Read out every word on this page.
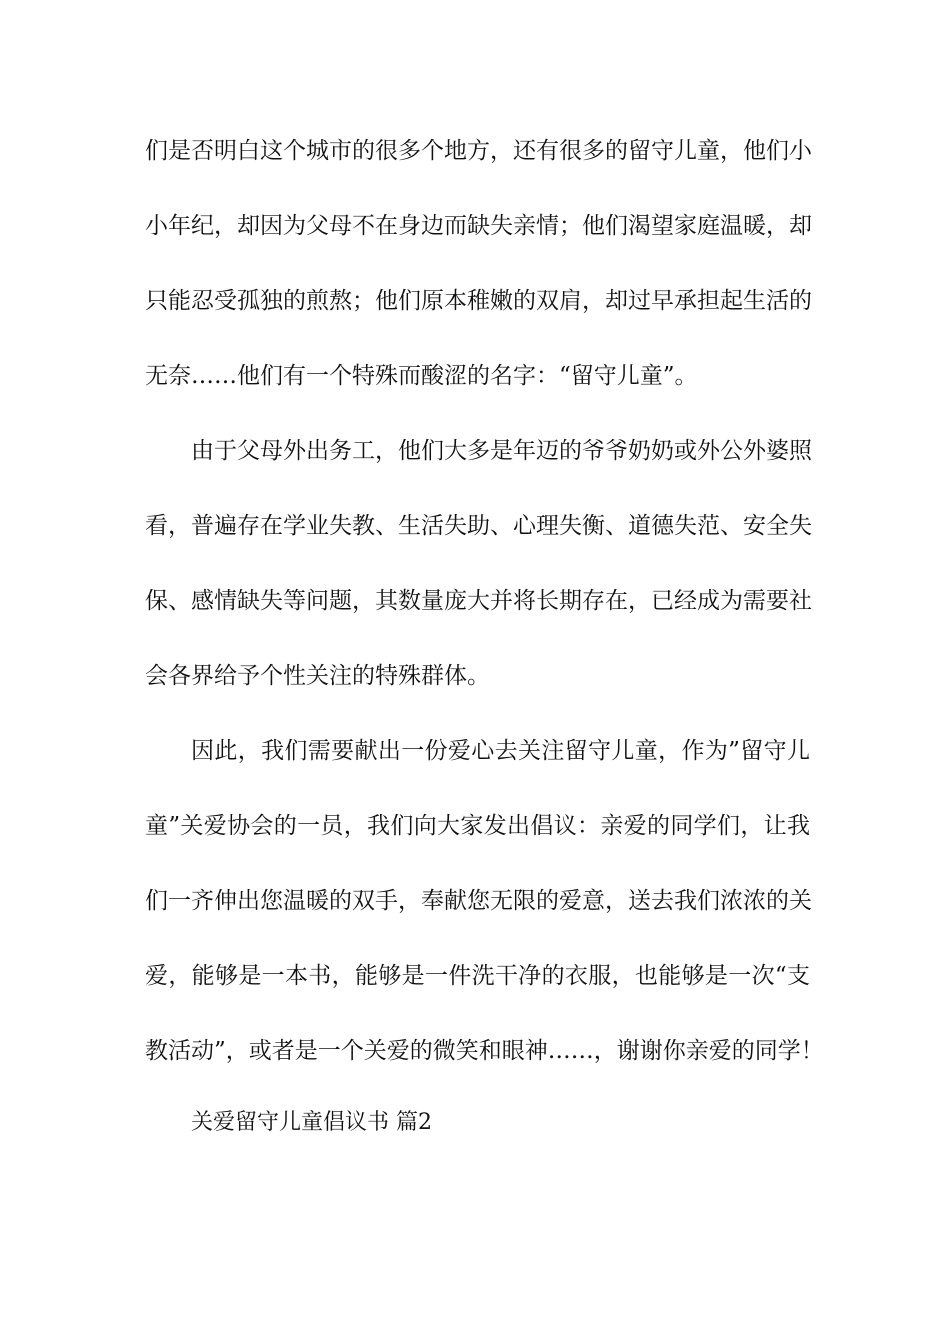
们是否明白这个城市的很多个地方，还有很多的留守儿童，他们小
小年纪，却因为父母不在身边而缺失亲情；他们渴望家庭温暖，却
只能忍受孤独的煎熬；他们原本稚嫩的双肩，却过早承担起生活的
无奈……他们有一个特殊而酸涩的名字：“留守儿童”。
由于父母外出务工，他们大多是年迈的爷爷奶奶或外公外婆照
看，普遍存在学业失教、生活失助、心理失衡、道德失范、安全失
保、感情缺失等问题，其数量庞大并将长期存在，已经成为需要社
会各界给予个性关注的特殊群体。
因此，我们需要献出一份爱心去关注留守儿童，作为”留守儿
童”关爱协会的一员，我们向大家发出倡议：亲爱的同学们，让我
们一齐伸出您温暖的双手，奉献您无限的爱意，送去我们浓浓的关
爱，能够是一本书，能够是一件洗干净的衣服，也能够是一次“支
教活动”，或者是一个关爱的微笑和眼神……，谢谢你亲爱的同学！
关爱留守儿童倡议书 篇2
